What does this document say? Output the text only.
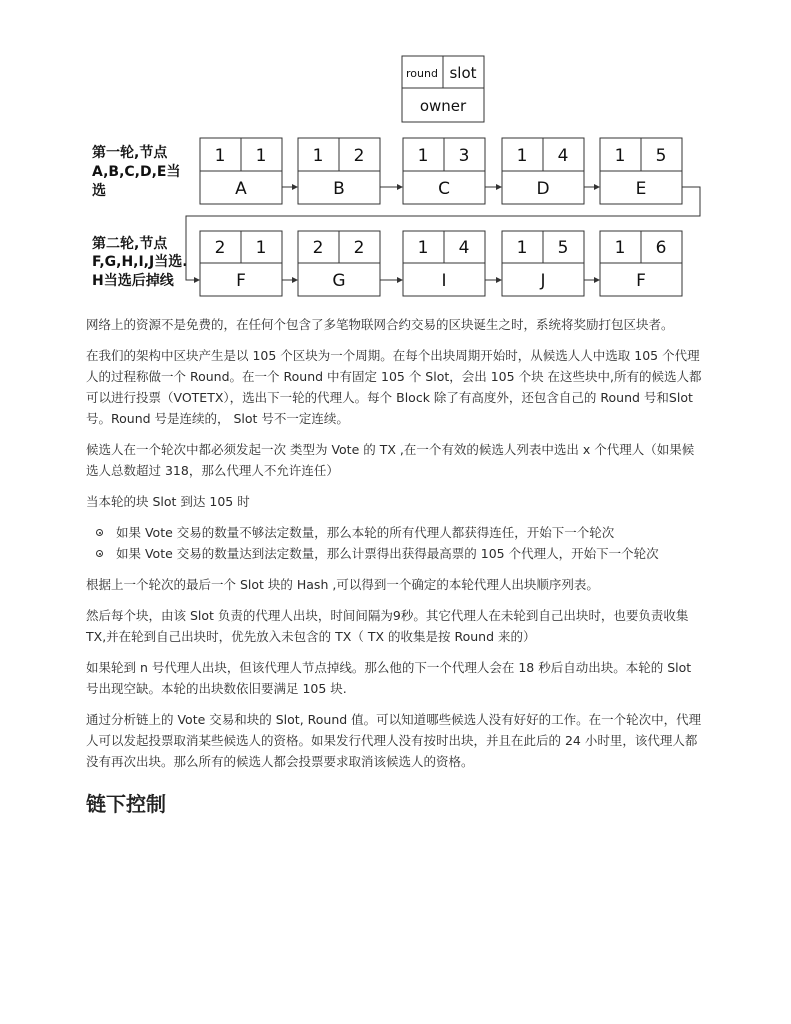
round slot
owner
第一轮,节点
A,B,C,D,E当
选
第二轮,节点
F,G,H,I,J当选.
H当选后掉线
1 1
A
1 2
B
1 3
C
1 4
D
1 5
E
2 1
F
2 2
G
1 4
I
1 5
J
1 6
F

网络上的资源不是免费的，在任何个包含了多笔物联网合约交易的区块诞生之时，系统将奖励打包区块者。

在我们的架构中区块产生是以 105 个区块为一个周期。在每个出块周期开始时，从候选人人中选取 105 个代理人的过程称做一个 Round。在一个 Round 中有固定 105 个 Slot，会出 105 个块 在这些块中,所有的候选人都可以进行投票（VOTETX），选出下一轮的代理人。每个 Block 除了有高度外，还包含自己的 Round 号和Slot 号。Round 号是连续的， Slot 号不一定连续。

候选人在一个轮次中都必须发起一次 类型为 Vote 的 TX ,在一个有效的候选人列表中选出 x 个代理人（如果候选人总数超过 318，那么代理人不允许连任）

当本轮的块 Slot 到达 105 时

如果 Vote 交易的数量不够法定数量，那么本轮的所有代理人都获得连任，开始下一个轮次
如果 Vote 交易的数量达到法定数量，那么计票得出获得最高票的 105 个代理人，开始下一个轮次

根据上一个轮次的最后一个 Slot 块的 Hash ,可以得到一个确定的本轮代理人出块顺序列表。

然后每个块，由该 Slot 负责的代理人出块，时间间隔为9秒。其它代理人在未轮到自己出块时，也要负责收集TX,并在轮到自己出块时，优先放入未包含的 TX（ TX 的收集是按 Round 来的）

如果轮到 n 号代理人出块，但该代理人节点掉线。那么他的下一个代理人会在 18 秒后自动出块。本轮的 Slot 号出现空缺。本轮的出块数依旧要满足 105 块.

通过分析链上的 Vote 交易和块的 Slot, Round 值。可以知道哪些候选人没有好好的工作。在一个轮次中，代理人可以发起投票取消某些候选人的资格。如果发行代理人没有按时出块，并且在此后的 24 小时里，该代理人都没有再次出块。那么所有的候选人都会投票要求取消该候选人的资格。

链下控制
